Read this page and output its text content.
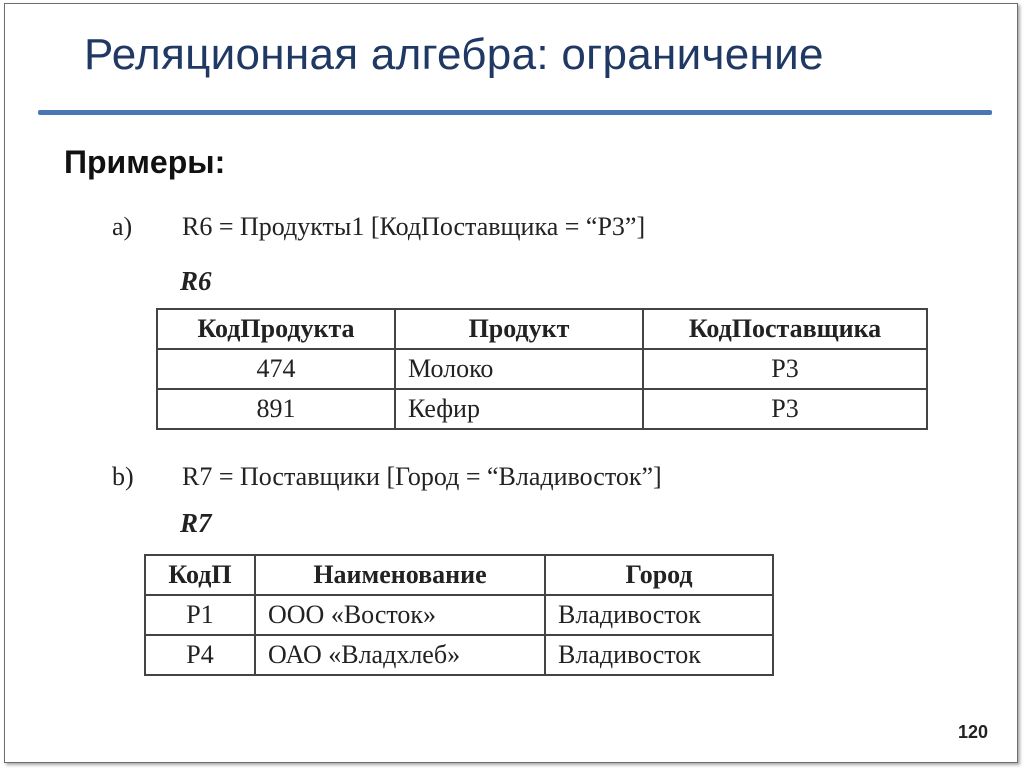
Реляционная алгебра: ограничение
Примеры:
a) R6 = Продукты1 [КодПоставщика = “P3”]
R6
КодПродукта	Продукт	КодПоставщика
474	Молоко	P3
891	Кефир	P3
b) R7 = Поставщики [Город = “Владивосток”]
R7
КодП	Наименование	Город
P1	ООО «Восток»	Владивосток
P4	ОАО «Владхлеб»	Владивосток
120
